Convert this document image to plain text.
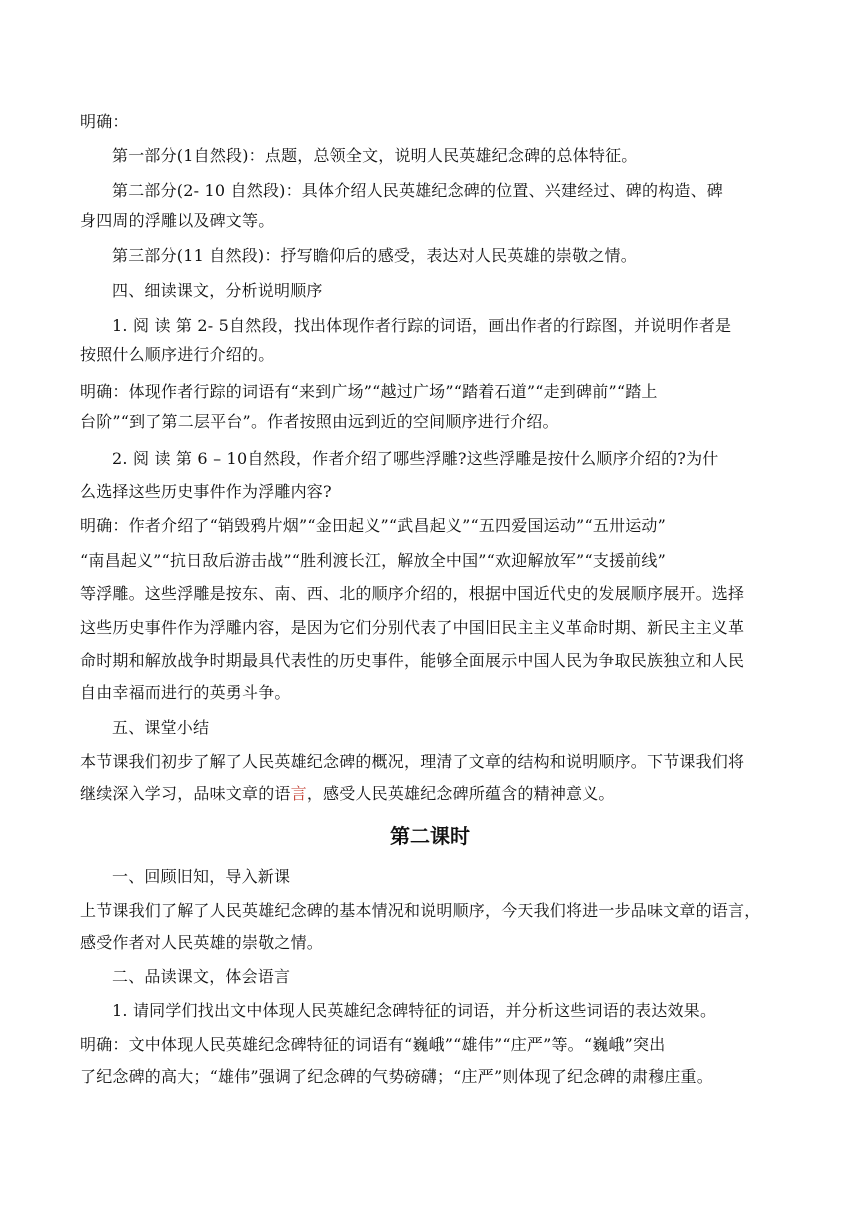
明确：
第一部分(1自然段)：点题，总领全文，说明人民英雄纪念碑的总体特征。
第二部分(2- 10 自然段)：具体介绍人民英雄纪念碑的位置、兴建经过、碑的构造、碑
身四周的浮雕以及碑文等。
第三部分(11 自然段)：抒写瞻仰后的感受，表达对人民英雄的崇敬之情。
四、细读课文，分析说明顺序
1. 阅 读 第 2- 5自然段，找出体现作者行踪的词语，画出作者的行踪图，并说明作者是
按照什么顺序进行介绍的。
明确：体现作者行踪的词语有“来到广场”“越过广场”“踏着石道”“走到碑前”“踏上
台阶”“到了第二层平台”。作者按照由远到近的空间顺序进行介绍。
2. 阅 读 第 6 – 10自然段，作者介绍了哪些浮雕?这些浮雕是按什么顺序介绍的?为什
么选择这些历史事件作为浮雕内容?
明确：作者介绍了“销毁鸦片烟”“金田起义”“武昌起义”“五四爱国运动”“五卅运动”
“南昌起义”“抗日敌后游击战”“胜利渡长江，解放全中国”“欢迎解放军”“支援前线”
等浮雕。这些浮雕是按东、南、西、北的顺序介绍的，根据中国近代史的发展顺序展开。选择
这些历史事件作为浮雕内容，是因为它们分别代表了中国旧民主主义革命时期、新民主主义革
命时期和解放战争时期最具代表性的历史事件，能够全面展示中国人民为争取民族独立和人民
自由幸福而进行的英勇斗争。
五、课堂小结
本节课我们初步了解了人民英雄纪念碑的概况，理清了文章的结构和说明顺序。下节课我们将
继续深入学习，品味文章的语言，感受人民英雄纪念碑所蕴含的精神意义。
第二课时
一、回顾旧知，导入新课
上节课我们了解了人民英雄纪念碑的基本情况和说明顺序，今天我们将进一步品味文章的语言，
感受作者对人民英雄的崇敬之情。
二、品读课文，体会语言
1. 请同学们找出文中体现人民英雄纪念碑特征的词语，并分析这些词语的表达效果。
明确：文中体现人民英雄纪念碑特征的词语有“巍峨”“雄伟”“庄严”等。“巍峨”突出
了纪念碑的高大；“雄伟”强调了纪念碑的气势磅礴；“庄严”则体现了纪念碑的肃穆庄重。
